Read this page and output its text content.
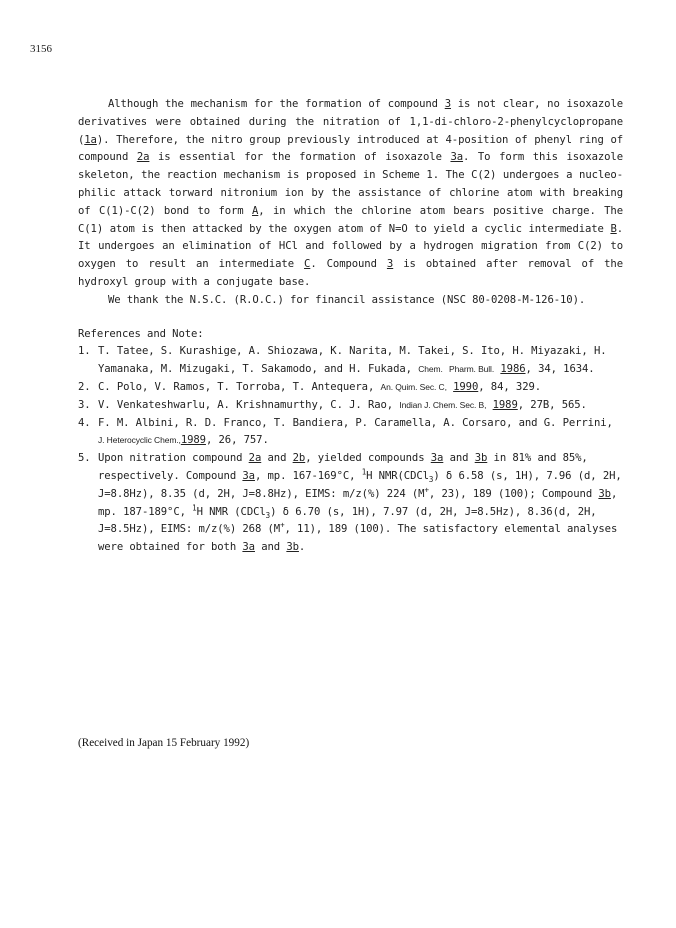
3156

Although the mechanism for the formation of compound 3 is not clear, no isoxazole derivatives were obtained during the nitration of 1,1-di-chloro-2-phenylcyclopropane (1a). Therefore, the nitro group previously introduced at 4-position of phenyl ring of compound 2a is essential for the formation of isoxazole 3a. To form this isoxazole skeleton, the reaction mechanism is proposed in Scheme 1. The C(2) undergoes a nucleo-philic attack torward nitronium ion by the assistance of chlorine atom with breaking of C(1)-C(2) bond to form A, in which the chlorine atom bears positive charge. The C(1) atom is then attacked by the oxygen atom of N=O to yield a cyclic intermediate B. It undergoes an elimination of HCl and followed by a hydrogen migration from C(2) to oxygen to result an intermediate C. Compound 3 is obtained after removal of the hydroxyl group with a conjugate base.

We thank the N.S.C. (R.O.C.) for financil assistance (NSC 80-0208-M-126-10).

References and Note:

1. T. Tatee, S. Kurashige, A. Shiozawa, K. Narita, M. Takei, S. Ito, H. Miyazaki, H. Yamanaka, M. Mizugaki, T. Sakamodo, and H. Fukada, Chem. Pharm. Bull. 1986, 34, 1634.
2. C. Polo, V. Ramos, T. Torroba, T. Antequera, An. Quim. Sec. C, 1990, 84, 329.
3. V. Venkateshwarlu, A. Krishnamurthy, C. J. Rao, Indian J. Chem. Sec. B, 1989, 27B, 565.
4. F. M. Albini, R. D. Franco, T. Bandiera, P. Caramella, A. Corsaro, and G. Perrini, J. Heterocyclic Chem.,1989, 26, 757.
5. Upon nitration compound 2a and 2b, yielded compounds 3a and 3b in 81% and 85%, respectively. Compound 3a, mp. 167-169°C, $^1$H NMR(CDCl$_3$) δ 6.58 (s, 1H), 7.96 (d, 2H, J=8.8Hz), 8.35 (d, 2H, J=8.8Hz), EIMS: m/z(%) 224 (M+, 23), 189 (100); Compound 3b, mp. 187-189°C, $^1$H NMR (CDCl$_3$) δ 6.70 (s, 1H), 7.97 (d, 2H, J=8.5Hz), 8.36(d, 2H, J=8.5Hz), EIMS: m/z(%) 268 (M+, 11), 189 (100). The satisfactory elemental analyses were obtained for both 3a and 3b.
(Received in Japan 15 February 1992)
